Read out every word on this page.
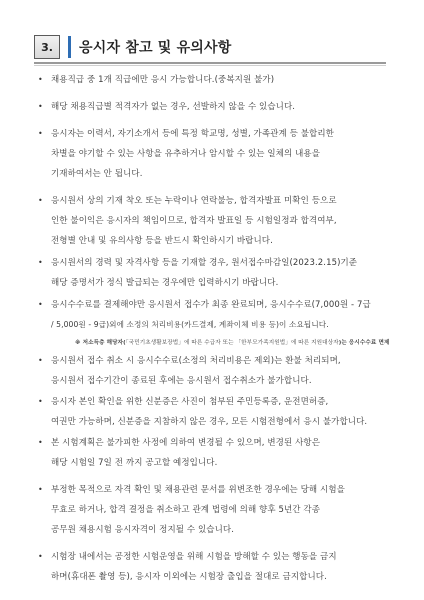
3.	응시자 참고 및 유의사항
• 채용직급 중 1개 직급에만 응시 가능합니다.(중복지원 불가)
• 해당 채용직급별 적격자가 없는 경우, 선발하지 않을 수 있습니다.
• 응시자는 이력서, 자기소개서 등에 특정 학교명, 성별, 가족관계 등 불합리한
차별을 야기할 수 있는 사항을 유추하거나 암시할 수 있는 일체의 내용을
기재하여서는 안 됩니다.
• 응시원서 상의 기재 착오 또는 누락이나 연락불능, 합격자발표 미확인 등으로
인한 불이익은 응시자의 책임이므로, 합격자 발표일 등 시험일정과 합격여부,
전형별 안내 및 유의사항 등을 반드시 확인하시기 바랍니다.
• 응시원서의 경력 및 자격사항 등을 기재할 경우, 원서접수마감일(2023.2.15)기준
해당 증명서가 정식 발급되는 경우에만 입력하시기 바랍니다.
• 응시수수료를 결제해야만 응시원서 접수가 최종 완료되며, 응시수수료(7,000원 - 7급
/ 5,000원 - 9급)외에 소정의 처리비용(카드결제, 계좌이체 비용 등)이 소요됩니다.
※ 저소득층 해당자(「국민기초생활보장법」에 따른 수급자 또는 「한부모가족지원법」에 따른 지원대상자)는 응시수수료 면제
• 응시원서 접수 취소 시 응시수수료(소정의 처리비용은 제외)는 환불 처리되며,
응시원서 접수기간이 종료된 후에는 응시원서 접수취소가 불가합니다.
• 응시자 본인 확인을 위한 신분증은 사진이 첨부된 주민등록증, 운전면허증,
여권만 가능하며, 신분증을 지참하지 않은 경우, 모든 시험전형에서 응시 불가합니다.
• 본 시험계획은 불가피한 사정에 의하여 변경될 수 있으며, 변경된 사항은
해당 시험일 7일 전 까지 공고할 예정입니다.
• 부정한 목적으로 자격 확인 및 채용관련 문서를 위변조한 경우에는 당해 시험을
무효로 하거나, 합격 결정을 취소하고 관계 법령에 의해 향후 5년간 각종
공무원 채용시험 응시자격이 정지될 수 있습니다.
• 시험장 내에서는 공정한 시험운영을 위해 시험을 방해할 수 있는 행동을 금지
하며(휴대폰 촬영 등), 응시자 이외에는 시험장 출입을 절대로 금지합니다.
